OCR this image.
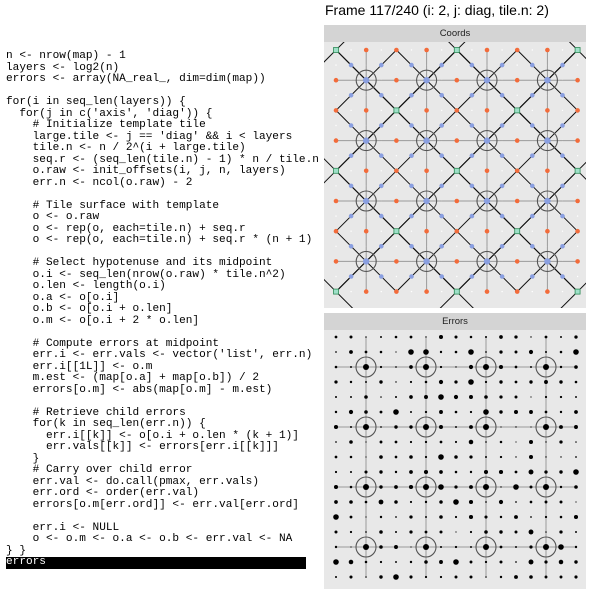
n <- nrow(map) - 1
layers <- log2(n)
errors <- array(NA_real_, dim=dim(map))
for(i in seq_len(layers)) {
for(j in c('axis', 'diag')) {
# Initialize template tile
large.tile <- j == 'diag' && i < layers
tile.n <- n / 2^(i + large.tile)
seq.r <- (seq_len(tile.n) - 1) * n / tile.n
o.raw <- init_offsets(i, j, n, layers)
err.n <- ncol(o.raw) - 2
# Tile surface with template
o <- o.raw
o <- rep(o, each=tile.n) + seq.r
o <- rep(o, each=tile.n) + seq.r * (n + 1)
# Select hypotenuse and its midpoint
o.i <- seq_len(nrow(o.raw) * tile.n^2)
o.len <- length(o.i)
o.a <- o[o.i]
o.b <- o[o.i + o.len]
o.m <- o[o.i + 2 * o.len]
# Compute errors at midpoint
err.i <- err.vals <- vector('list', err.n)
err.i[[1L]] <- o.m
m.est <- (map[o.a] + map[o.b]) / 2
errors[o.m] <- abs(map[o.m] - m.est)
# Retrieve child errors
for(k in seq_len(err.n)) {
err.i[[k]] <- o[o.i + o.len * (k + 1)]
err.vals[[k]] <- errors[err.i[[k]]]
}
# Carry over child error
err.val <- do.call(pmax, err.vals)
err.ord <- order(err.val)
errors[o.m[err.ord]] <- err.val[err.ord]
err.i <- NULL
o <- o.m <- o.a <- o.b <- err.val <- NA
} }
errors
Frame 117/240 (i: 2, j: diag, tile.n: 2)
Coords
Errors
